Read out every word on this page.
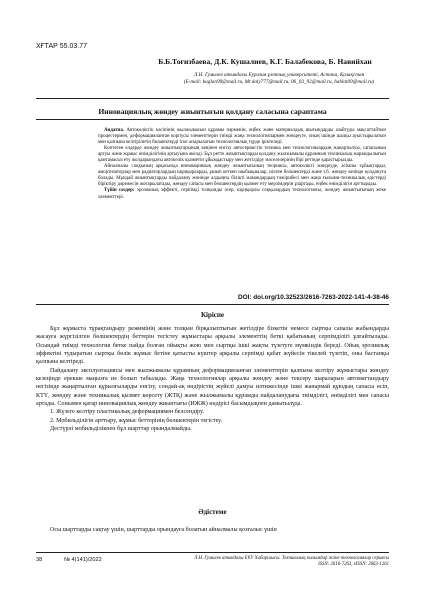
ХҒТАР 55.03.77
Б.Б.Тоғизбаева, Д.К. Кушалиев, К.Г. Балабекова, Б. Навийхан
Л.Н. Гумилев атындағы Еуразия ұлттық университеті, Астана, Қазақстан
(E-mail: baglan99@mail.ru, Mr.daly777@mail.ru, 06_03_92@mail.ru, bablat09@mail.ru)
Инновациялық жөндеу жиынтығын қолдану саласына сараптама

Андатпа. Автокөліктік кәсіпінің жылжымасын құрамы пәрменін, еңбек және материалдық шығындарды азайтуды мақсаттайтын процестермен, деформацияланған корпусы элементтерін тиімді жаңа технологиялармен жөндеуге, оның ішінде шалқы ауыстырылатын мен қалпына келтірілетін бөлшектерді іске асырылатын технологиялық түрде іріктеледі.

Көптеген елдерде жөндеу жиынтықтарының кеңінен енгізу автосервистік техника мен технологиялардың жаңартылуы, сапасының артуы және жұмыс өнімділігінің артыуына әкелді. Бұл ретте жиынтықтарды қолдану жылжымалы құрамның техникалық жарамдылығын қамтамасыз ету жолдарындағы автокөлік қызметін ұйымдастыру мен жетілдіру мәселелерінің бірі ретінде қарастырылды.

Айналмалы соққының арқасында инновациялық жөндеу жиынтығының теориясы, автокөлікті жөндеуде, аспапы тұйықтарды, амортизаторлар мен радиаторлардың шұңқырларды, ұшып кеткен шыбықшалар, иілген бөлшектерді және т.б. жөндеу кезінде қолдануға болады. Мұндай жиынтықтарды пайдалану жөнінде алдыңғы білікті мамандардың тәжірибесі мен жаңа ғылыми-техникалық әдістерді біріктіру дәрежесін жоғарылатады, жөндеу сапасы мен бөлшектердің қызмет ету мерзімдерін ұзартады, еңбек өнімділігін арттырады.

Түйін сөздер: эрозиялық эффекті, серпімді толқынды әсер, шұңқырлы соққылардың технологиясы, жөндеу жиынтығының жеке элементтері.

DOI: doi.org/10.32523/2616-7263-2022-141-4-38-46
Кіріспе

Бұл жұмыста тұрақтандыру режимінің және толқын бірқалыптығын жетілдіре бізкетін немесе сыртқы сапалы жабындарды жасауға жүргізілген бөлшектердің беттерін тегістеу жұмыстары арқылы элементтің беткі қабатының серпімділігі ұлғайтылады. Осындай тиімді технология бетке пайда болған ойықты жою мен сыртқы ішкі жақты түзетуге мүмкіндік береді. Ойық эрозиялық эффектіні тудыратын сыртқы бөлік жұмыс бетіне қатысты күштер арқылы серпімді қабат жүйесін тікелей түзетіп, оны бастапқы қалпына келтіреді.

Пайдалану эксплуатациясы мен жылжымалы құрамның деформацияланған элементтерін қалпына келтіру жұмыстары жөндеу кезеңінде ерекше маңызға ие болып табылады. Жаңа технологиялар арқылы жөндеу және тексеру шараларын автоматтандыру негізінде жаңартылған құрылғыларды енгізу, сондай-ақ өндірістің жүйелі дамуы нәтижесінде ішкі жанармай құюдың сапасы өсіп, КТҮ, жөндеу және техникалық қызмет көрсету (ЖТҚ) және жылжымалы құрамды пайдаланудағы тиімділігі, өнімділігі мен сапасы артады. Сонымен қатар инновациялық жөндеу жиынтығы (ИЖЖ) өндірісі басымдықпен дамытылуда.

1. Жүзеге келтіру пластикалық деформациямен белсендіру.

2. Мобильділігін арттыру, жұмыс беттерінің бөлшектерін тегістеу.

Дестүрлі мобильділікпен бұл шарттар орындалмайды.

Әдістеме

Осы шарттарды сақтау үшін, шарттарды орындауға болатын айналмалы қозғалыс үшін

38	№ 4(141)/2022	Л.Н. Гумилев атындағы ЕҰУ Хабаршысы. Техникалық ғылымдар және технологиялар сериясы
ISSN: 2616-7263, eISSN: 2663-1261
